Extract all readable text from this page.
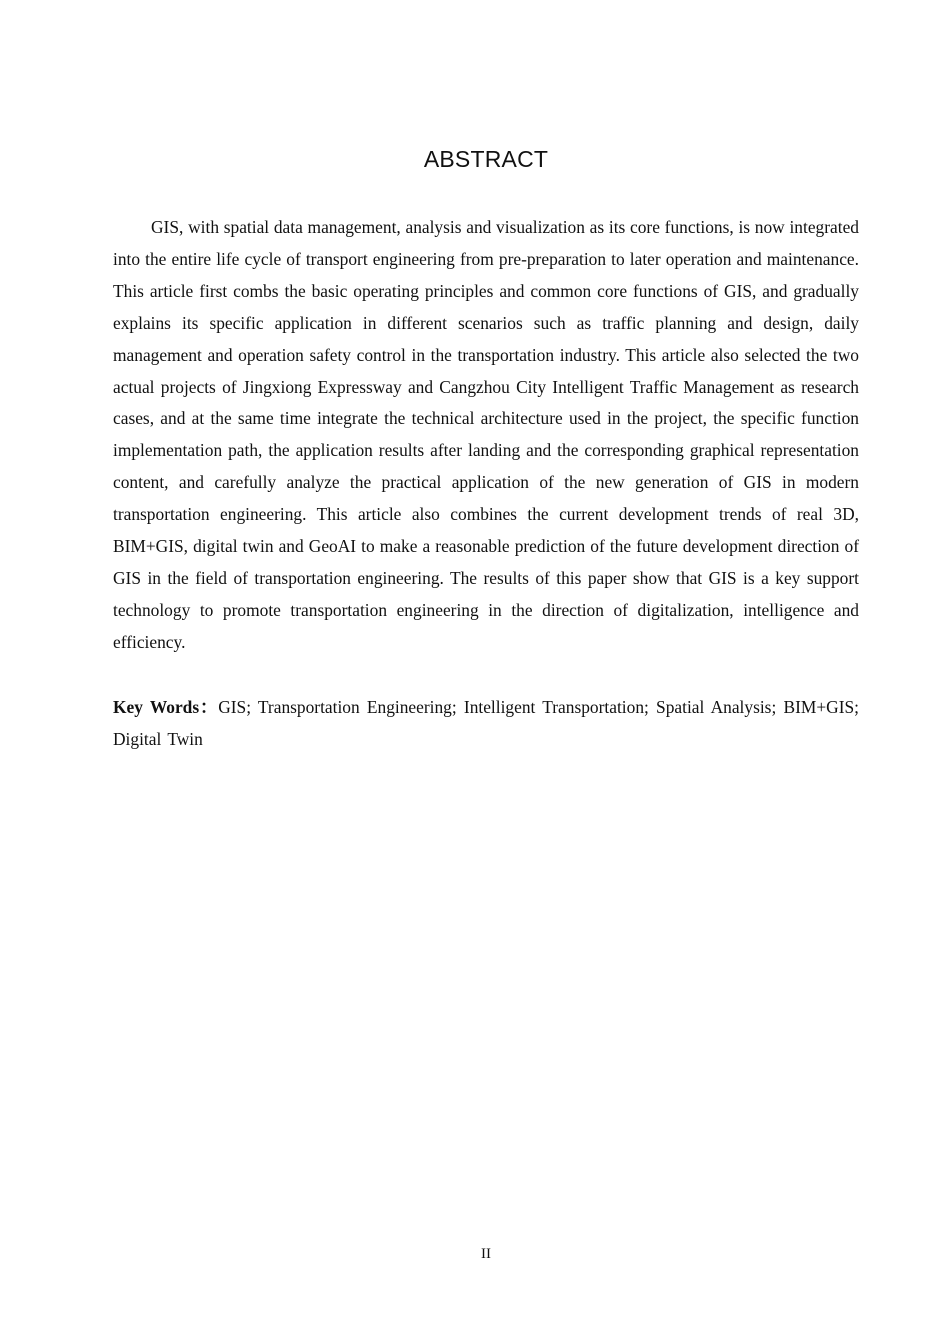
ABSTRACT

GIS, with spatial data management, analysis and visualization as its core functions, is now integrated into the entire life cycle of transport engineering from pre-preparation to later operation and maintenance. This article first combs the basic operating principles and common core functions of GIS, and gradually explains its specific application in different scenarios such as traffic planning and design, daily management and operation safety control in the transportation industry. This article also selected the two actual projects of Jingxiong Expressway and Cangzhou City Intelligent Traffic Management as research cases, and at the same time integrate the technical architecture used in the project, the specific function implementation path, the application results after landing and the corresponding graphical representation content, and carefully analyze the practical application of the new generation of GIS in modern transportation engineering. This article also combines the current development trends of real 3D, BIM+GIS, digital twin and GeoAI to make a reasonable prediction of the future development direction of GIS in the field of transportation engineering. The results of this paper show that GIS is a key support technology to promote transportation engineering in the direction of digitalization, intelligence and efficiency.

Key Words：GIS; Transportation Engineering; Intelligent Transportation; Spatial Analysis; BIM+GIS; Digital Twin

II
